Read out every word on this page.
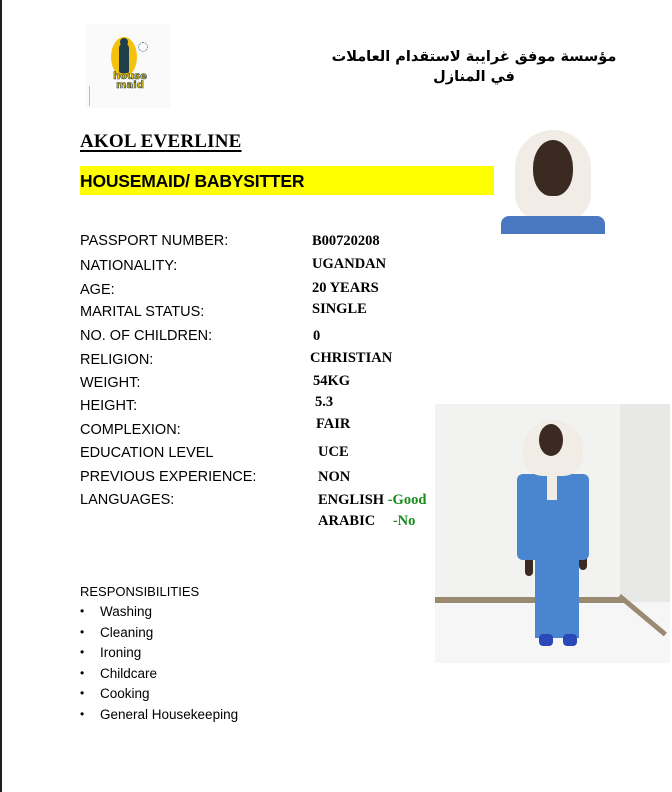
house
maid
مؤسسة موفق غرايبة لاستقدام العاملات في المنازل
AKOL EVERLINE
HOUSEMAID/ BABYSITTER
PASSPORT NUMBER:	B00720208
NATIONALITY:	UGANDAN
AGE:	20 YEARS
MARITAL STATUS:	SINGLE
NO. OF CHILDREN:	0
RELIGION:	CHRISTIAN
WEIGHT:	54KG
HEIGHT:	5.3
COMPLEXION:	FAIR
EDUCATION LEVEL	UCE
PREVIOUS EXPERIENCE:	NON
LANGUAGES:	ENGLISH -Good
ARABIC -No
RESPONSIBILITIES
• Washing
• Cleaning
• Ironing
• Childcare
• Cooking
• General Housekeeping
